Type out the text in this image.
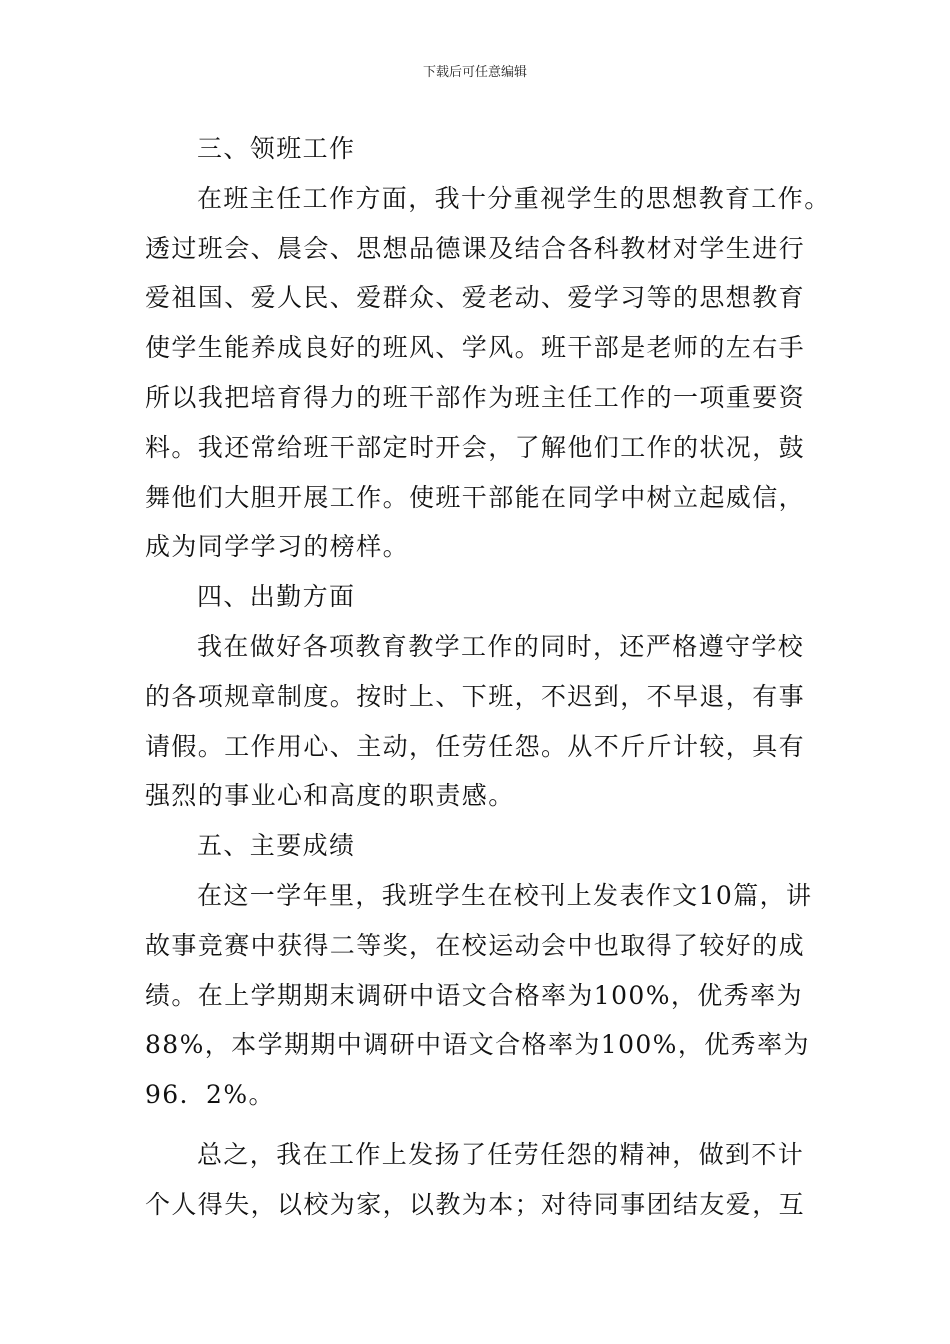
下载后可任意编辑
三、领班工作
在班主任工作方面，我十分重视学生的思想教育工作。
透过班会、晨会、思想品德课及结合各科教材对学生进行
爱祖国、爱人民、爱群众、爱老动、爱学习等的思想教育
使学生能养成良好的班风、学风。班干部是老师的左右手
所以我把培育得力的班干部作为班主任工作的一项重要资
料。我还常给班干部定时开会，了解他们工作的状况，鼓
舞他们大胆开展工作。使班干部能在同学中树立起威信，
成为同学学习的榜样。
四、出勤方面
我在做好各项教育教学工作的同时，还严格遵守学校
的各项规章制度。按时上、下班，不迟到，不早退，有事
请假。工作用心、主动，任劳任怨。从不斤斤计较，具有
强烈的事业心和高度的职责感。
五、主要成绩
在这一学年里，我班学生在校刊上发表作文10篇，讲
故事竞赛中获得二等奖，在校运动会中也取得了较好的成
绩。在上学期期末调研中语文合格率为100%，优秀率为
88%，本学期期中调研中语文合格率为100%，优秀率为
96．2%。
总之，我在工作上发扬了任劳任怨的精神，做到不计
个人得失，以校为家，以教为本；对待同事团结友爱，互
